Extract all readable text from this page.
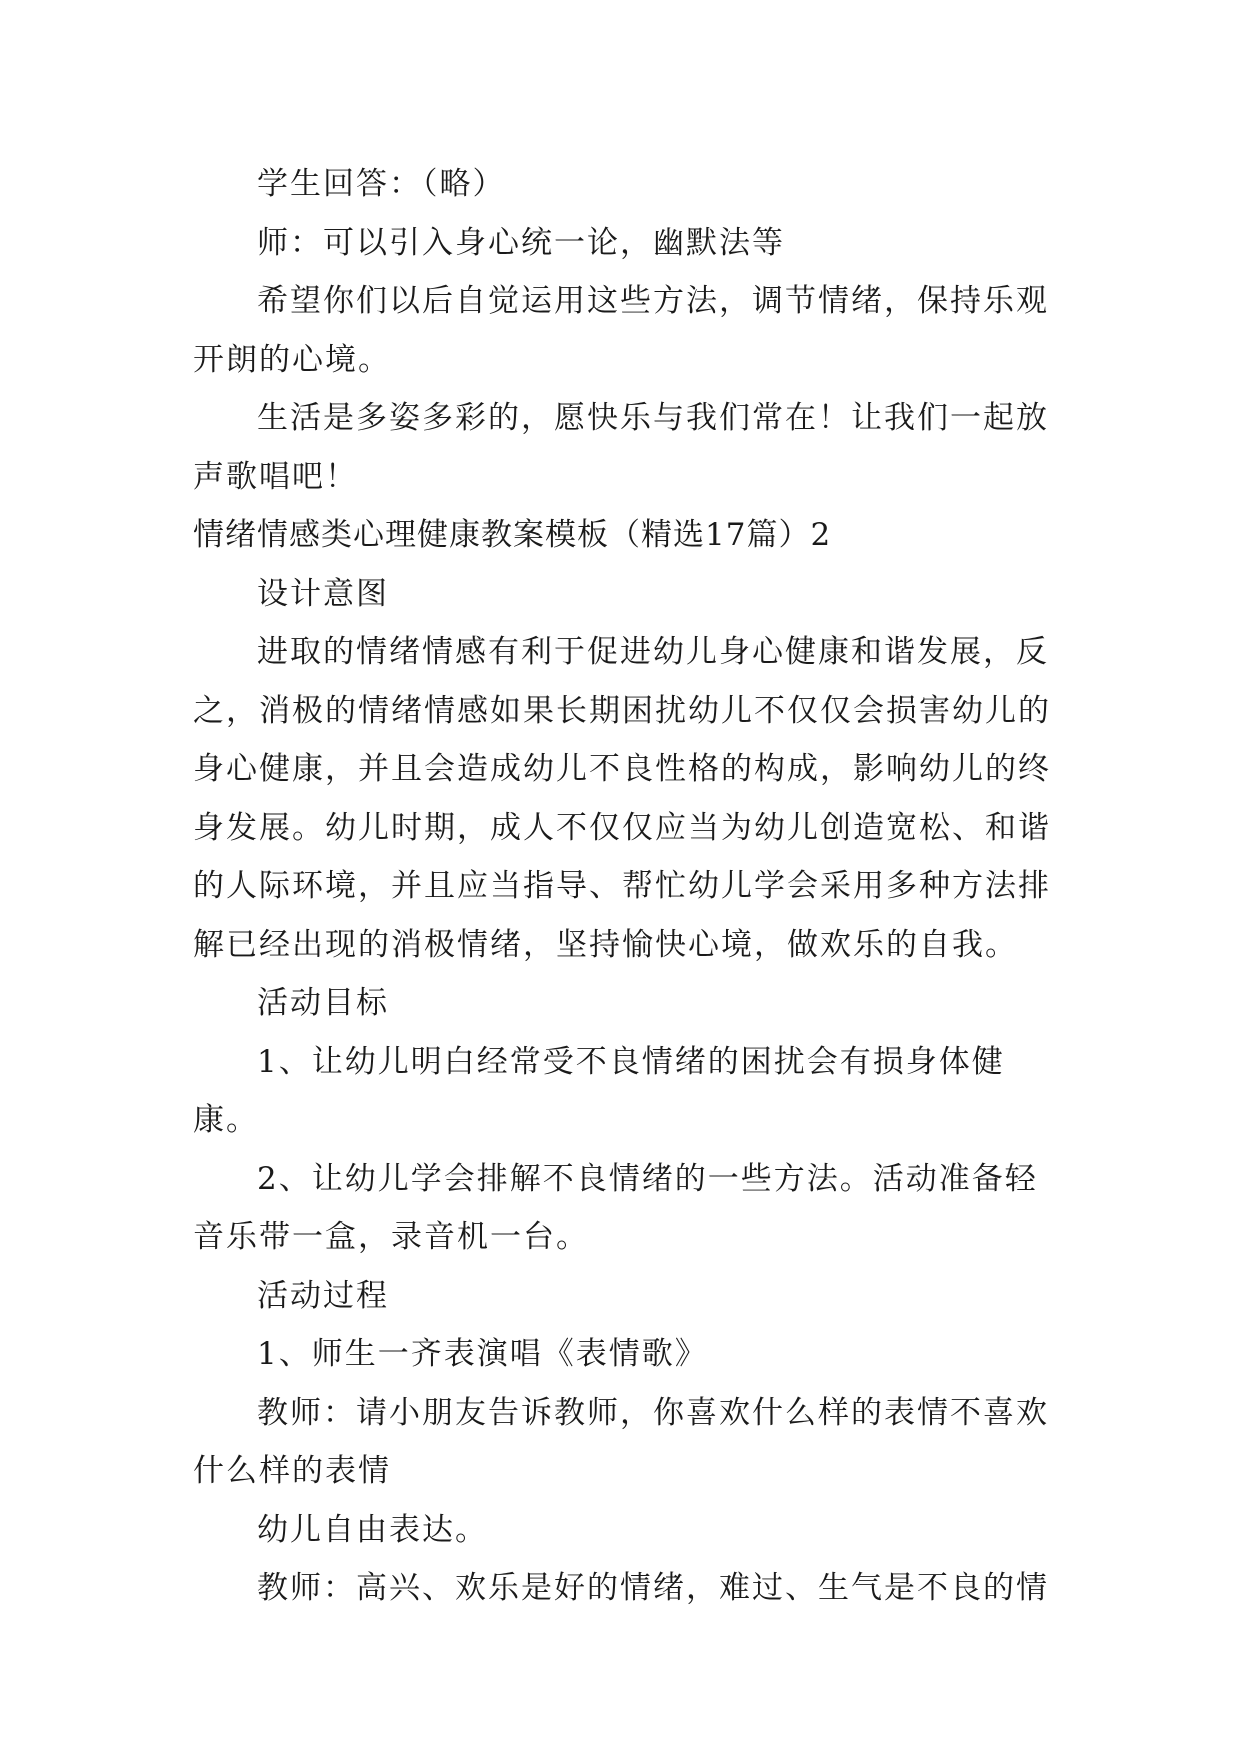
学生回答：（略）

师：可以引入身心统一论，幽默法等

希望你们以后自觉运用这些方法，调节情绪，保持乐观开朗的心境。

生活是多姿多彩的，愿快乐与我们常在！让我们一起放声歌唱吧！

情绪情感类心理健康教案模板（精选17篇）2

设计意图

进取的情绪情感有利于促进幼儿身心健康和谐发展，反之，消极的情绪情感如果长期困扰幼儿不仅仅会损害幼儿的身心健康，并且会造成幼儿不良性格的构成，影响幼儿的终身发展。幼儿时期，成人不仅仅应当为幼儿创造宽松、和谐的人际环境，并且应当指导、帮忙幼儿学会采用多种方法排解已经出现的消极情绪，坚持愉快心境，做欢乐的自我。

活动目标

1、让幼儿明白经常受不良情绪的困扰会有损身体健康。

2、让幼儿学会排解不良情绪的一些方法。活动准备轻音乐带一盒，录音机一台。

活动过程

1、师生一齐表演唱《表情歌》

教师：请小朋友告诉教师，你喜欢什么样的表情不喜欢什么样的表情

幼儿自由表达。

教师：高兴、欢乐是好的情绪，难过、生气是不良的情
